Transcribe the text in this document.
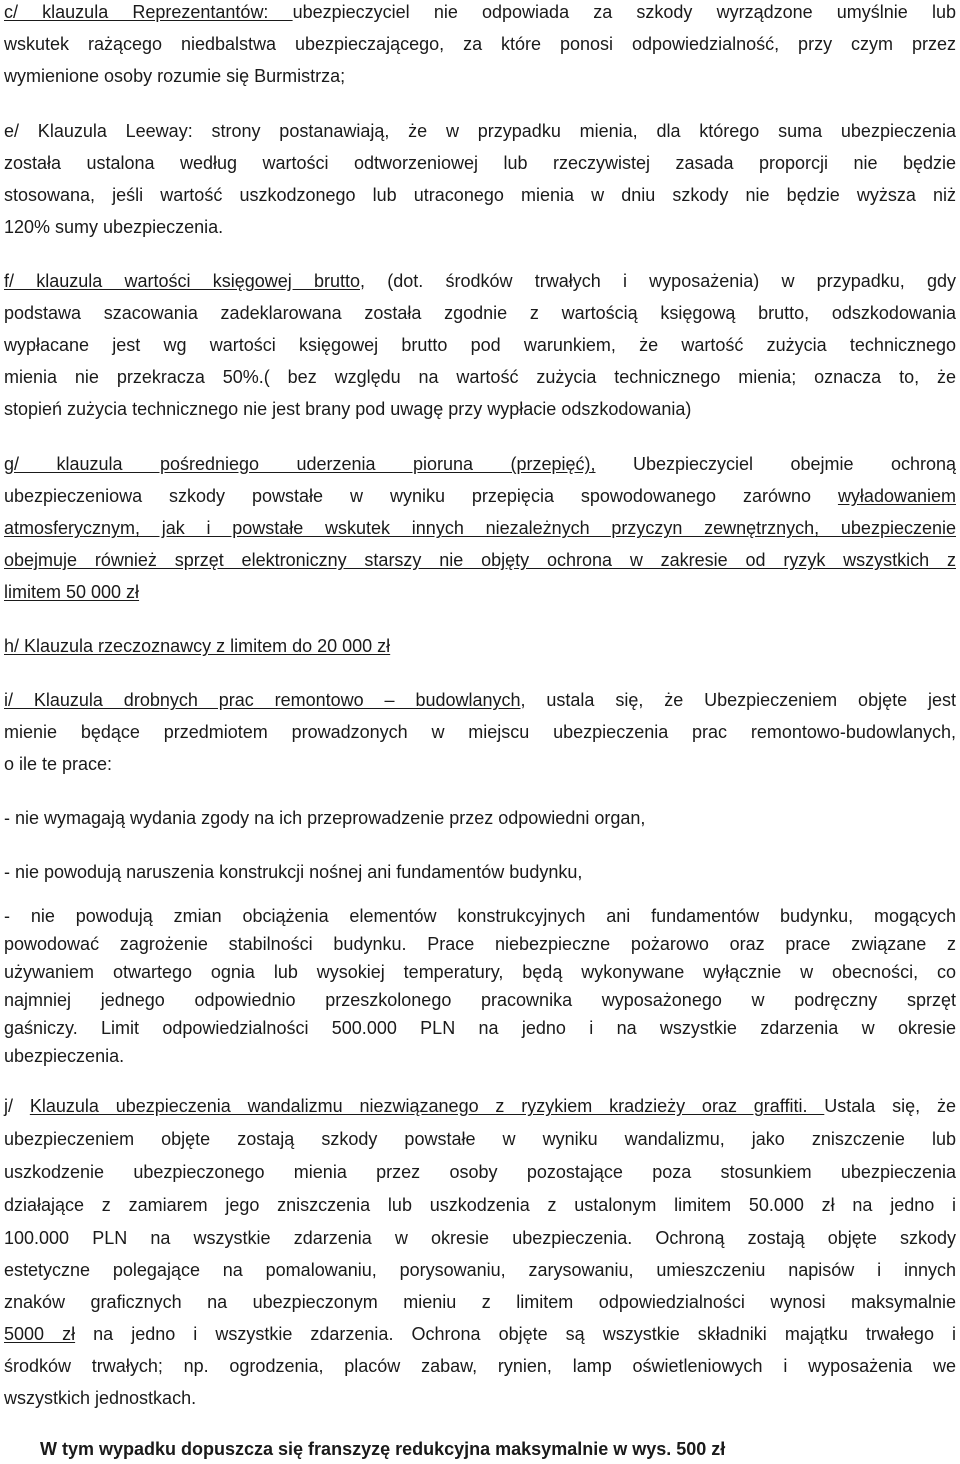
c/ klauzula Reprezentantów: ubezpieczyciel nie odpowiada za szkody wyrządzone umyślnie lub
wskutek rażącego niedbalstwa ubezpieczającego, za które ponosi odpowiedzialność, przy czym przez
wymienione osoby rozumie się Burmistrza;
e/ Klauzula Leeway: strony postanawiają, że w przypadku mienia, dla którego suma ubezpieczenia
została ustalona według wartości odtworzeniowej lub rzeczywistej zasada proporcji nie będzie
stosowana, jeśli wartość uszkodzonego lub utraconego mienia w dniu szkody nie będzie wyższa niż
120% sumy ubezpieczenia.
f/ klauzula wartości księgowej brutto, (dot. środków trwałych i wyposażenia) w przypadku, gdy
podstawa szacowania zadeklarowana została zgodnie z wartością księgową brutto, odszkodowania
wypłacane jest wg wartości księgowej brutto pod warunkiem, że wartość zużycia technicznego
mienia nie przekracza 50%.( bez względu na wartość zużycia technicznego mienia; oznacza to, że
stopień zużycia technicznego nie jest brany pod uwagę przy wypłacie odszkodowania)
g/ klauzula pośredniego uderzenia pioruna (przepięć), Ubezpieczyciel obejmie ochroną
ubezpieczeniowa szkody powstałe w wyniku przepięcia spowodowanego zarówno wyładowaniem
atmosferycznym, jak i powstałe wskutek innych niezależnych przyczyn zewnętrznych, ubezpieczenie
obejmuje również sprzęt elektroniczny starszy nie objęty ochrona w zakresie od ryzyk wszystkich z
limitem 50 000 zł
h/ Klauzula rzeczoznawcy z limitem do 20 000 zł
i/ Klauzula drobnych prac remontowo – budowlanych, ustala się, że Ubezpieczeniem objęte jest
mienie będące przedmiotem prowadzonych w miejscu ubezpieczenia prac remontowo-budowlanych,
o ile te prace:
- nie wymagają wydania zgody na ich przeprowadzenie przez odpowiedni organ,
- nie powodują naruszenia konstrukcji nośnej ani fundamentów budynku,
- nie powodują zmian obciążenia elementów konstrukcyjnych ani fundamentów budynku, mogących
powodować zagrożenie stabilności budynku. Prace niebezpieczne pożarowo oraz prace związane z
używaniem otwartego ognia lub wysokiej temperatury, będą wykonywane wyłącznie w obecności, co
najmniej jednego odpowiednio przeszkolonego pracownika wyposażonego w podręczny sprzęt
gaśniczy. Limit odpowiedzialności 500.000 PLN na jedno i na wszystkie zdarzenia w okresie
ubezpieczenia.
j/ Klauzula ubezpieczenia wandalizmu niezwiązanego z ryzykiem kradzieży oraz graffiti. Ustala się, że
ubezpieczeniem objęte zostają szkody powstałe w wyniku wandalizmu, jako zniszczenie lub
uszkodzenie ubezpieczonego mienia przez osoby pozostające poza stosunkiem ubezpieczenia
działające z zamiarem jego zniszczenia lub uszkodzenia z ustalonym limitem 50.000 zł na jedno i
100.000 PLN na wszystkie zdarzenia w okresie ubezpieczenia. Ochroną zostają objęte szkody
estetyczne polegające na pomalowaniu, porysowaniu, zarysowaniu, umieszczeniu napisów i innych
znaków graficznych na ubezpieczonym mieniu z limitem odpowiedzialności wynosi maksymalnie
5000 zł na jedno i wszystkie zdarzenia. Ochrona objęte są wszystkie składniki majątku trwałego i
środków trwałych; np. ogrodzenia, placów zabaw, rynien, lamp oświetleniowych i wyposażenia we
wszystkich jednostkach.
W tym wypadku dopuszcza się franszyzę redukcyjna maksymalnie w wys. 500 zł
